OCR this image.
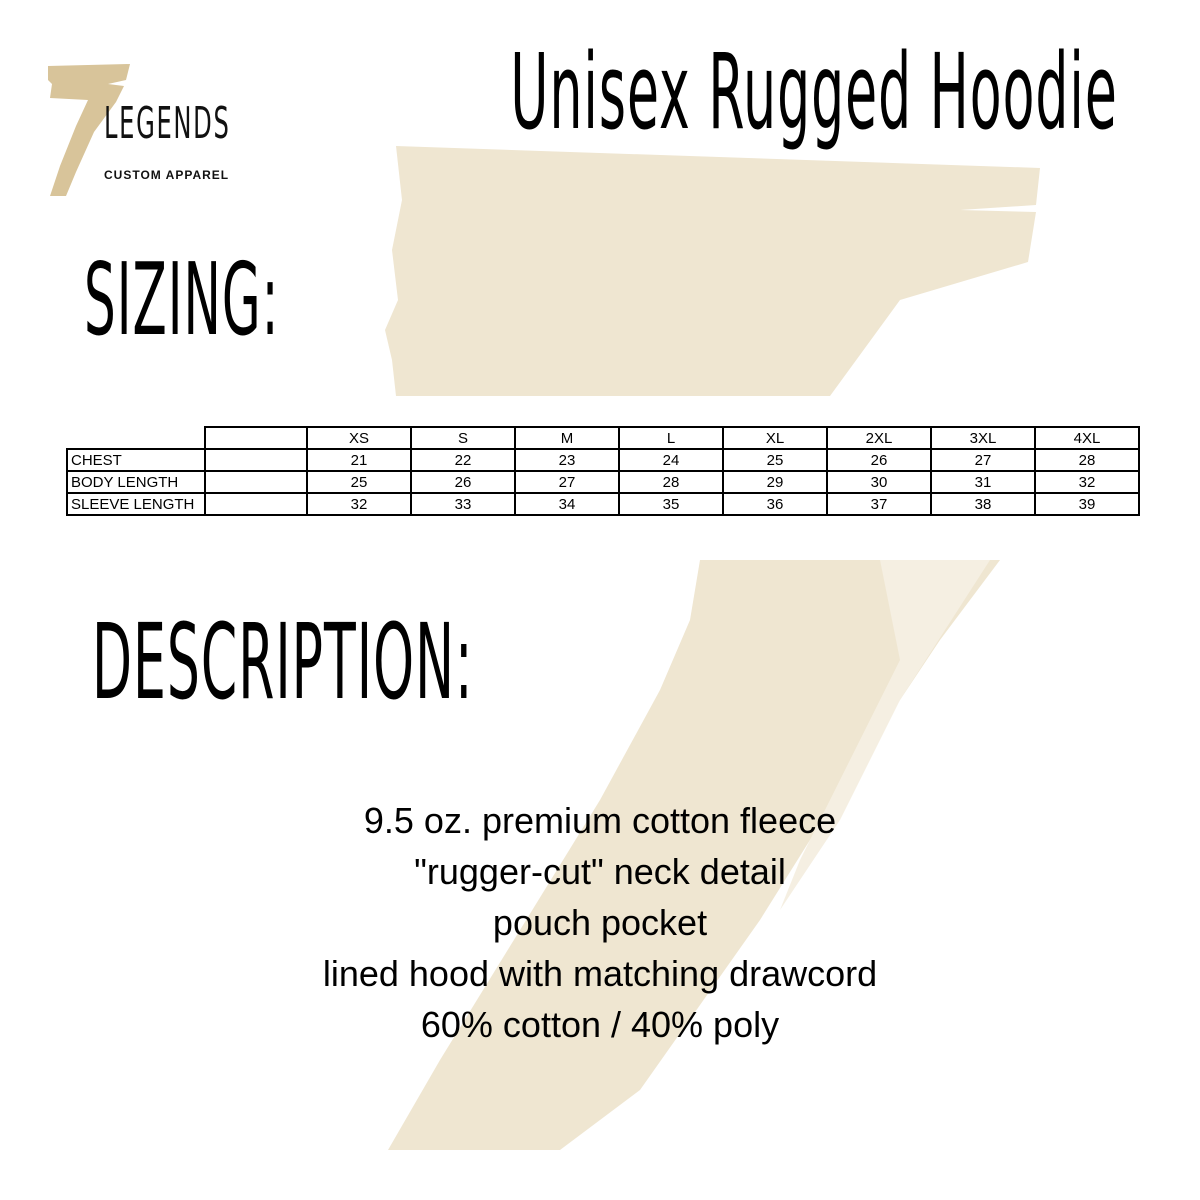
LEGENDS
CUSTOM APPAREL
Unisex Rugged Hoodie
SIZING:
		XS	S	M	L	XL	2XL	3XL	4XL
CHEST		21	22	23	24	25	26	27	28
BODY LENGTH		25	26	27	28	29	30	31	32
SLEEVE LENGTH		32	33	34	35	36	37	38	39
DESCRIPTION:
9.5 oz. premium cotton fleece
"rugger-cut" neck detail
pouch pocket
lined hood with matching drawcord
60% cotton / 40% poly
